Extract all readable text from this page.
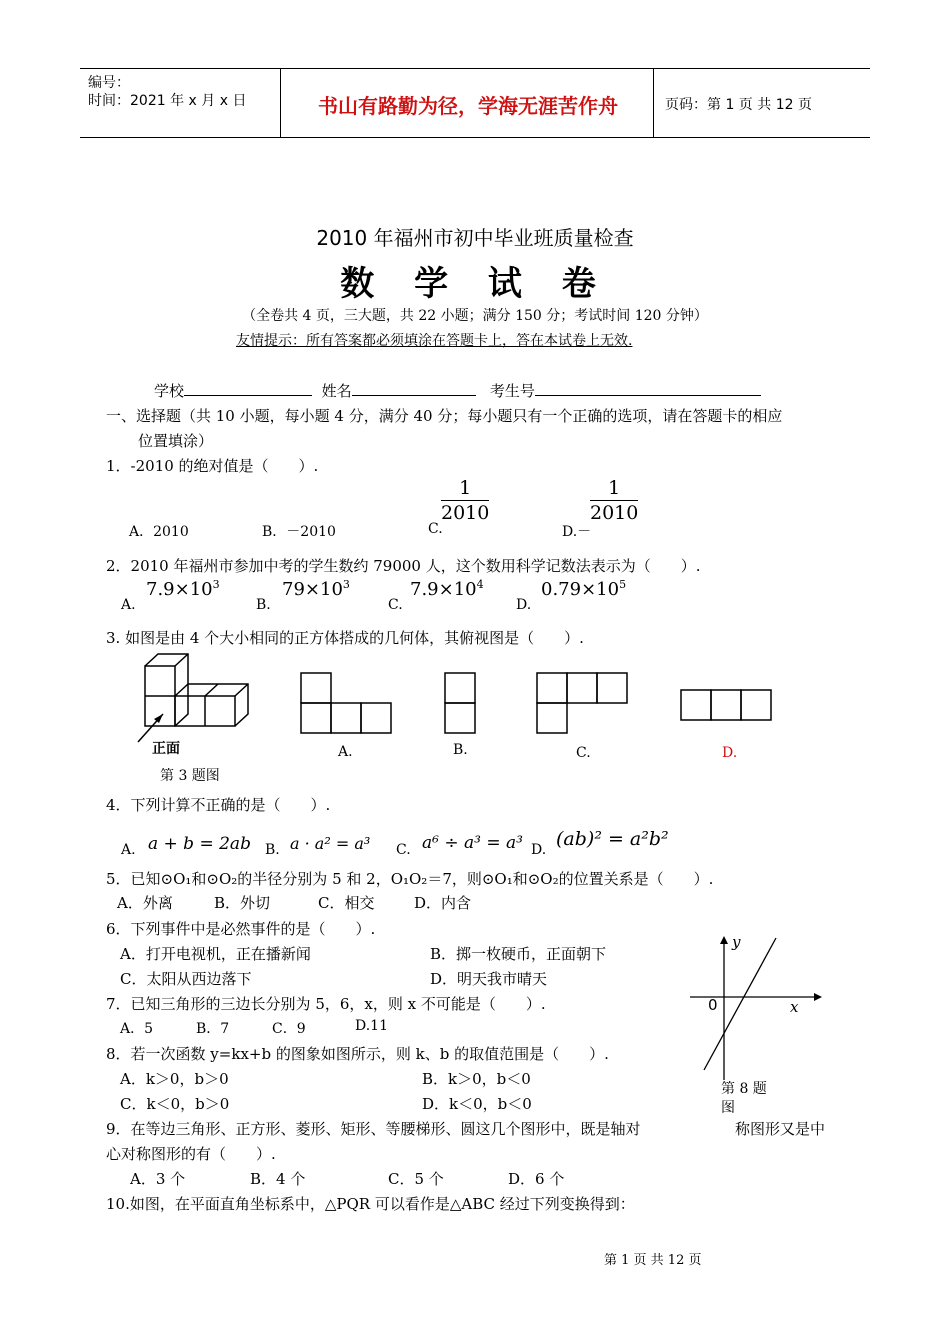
编号：
时间：2021 年 x 月 x 日	书山有路勤为径，学海无涯苦作舟	页码：第 1 页 共 12 页
2010 年福州市初中毕业班质量检查
数 学 试 卷
（全卷共 4 页，三大题，共 22 小题；满分 150 分；考试时间 120 分钟）
友情提示：所有答案都必须填涂在答题卡上，答在本试卷上无效.
学校	姓名	考生号
一、选择题（共 10 小题，每小题 4 分，满分 40 分；每小题只有一个正确的选项，请在答题卡的相应
位置填涂）
1．-2010 的绝对值是（　　）.
$\frac{1}{2010}$	$\frac{1}{2010}$
A．2010	B．－2010	C.	D.－
2．2010 年福州市参加中考的学生数约 79000 人，这个数用科学记数法表示为（　　）.
A.
$7.9\times 10^3$
B.
$79\times 10^3$
C.
$7.9\times 10^4$
D.
$0.79\times 10^5$
3. 如图是由 4 个大小相同的正方体搭成的几何体，其俯视图是（　　）.
正面
第 3 题图
A.	B.	C.	D.
4．下列计算不正确的是（　　）.
A. a + b = 2ab B. a · a² = a³ C. a⁶ ÷ a³ = a³ D. (ab)² = a²b²
5．已知⊙O₁和⊙O₂的半径分别为 5 和 2，O₁O₂＝7，则⊙O₁和⊙O₂的位置关系是（　　）.
A．外离	B．外切	C．相交	D．内含
6．下列事件中是必然事件的是（　　）.
A．打开电视机，正在播新闻	B．掷一枚硬币，正面朝下
C．太阳从西边落下	D．明天我市晴天
7．已知三角形的三边长分别为 5，6，x，则 x 不可能是（　　）.
A．5	B．7	C．9	D.11
y
x
0
第 8 题
图
8．若一次函数 y=kx+b 的图象如图所示，则 k、b 的取值范围是（　　）.
A．k＞0，b＞0	B．k＞0，b＜0
C．k＜0，b＞0	D．k＜0，b＜0
9．在等边三角形、正方形、菱形、矩形、等腰梯形、圆这几个图形中，既是轴对	称图形又是中
心对称图形的有（　　）.
A．3 个	B．4 个	C．5 个	D．6 个
10.如图，在平面直角坐标系中，△PQR 可以看作是△ABC 经过下列变换得到：
第 1 页 共 12 页
